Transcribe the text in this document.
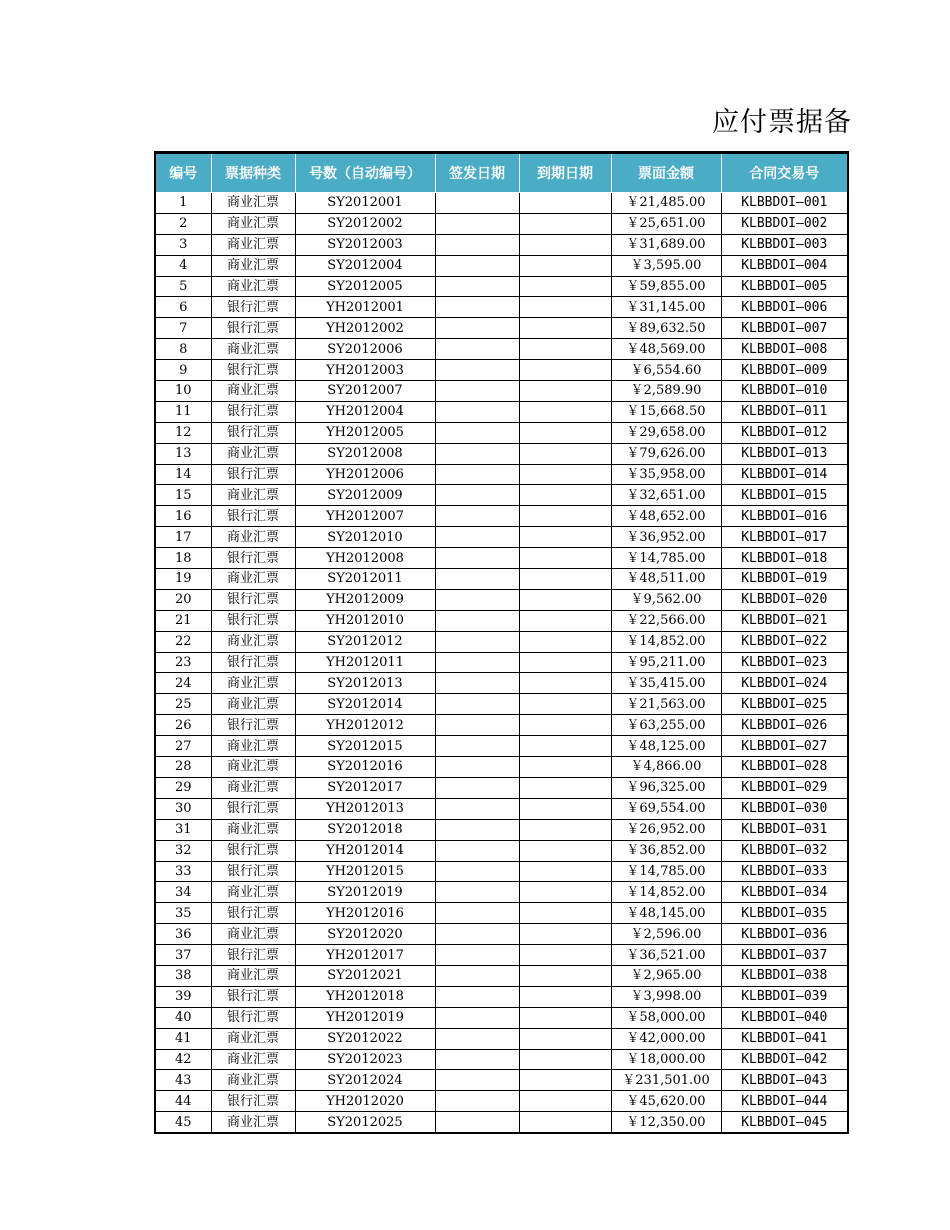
应付票据备
编号	票据种类	号数（自动编号）	签发日期	到期日期	票面金额	合同交易号
1	商业汇票	SY2012001			￥21,485.00	KLBBDOI—001
2	商业汇票	SY2012002			￥25,651.00	KLBBDOI—002
3	商业汇票	SY2012003			￥31,689.00	KLBBDOI—003
4	商业汇票	SY2012004			￥3,595.00	KLBBDOI—004
5	商业汇票	SY2012005			￥59,855.00	KLBBDOI—005
6	银行汇票	YH2012001			￥31,145.00	KLBBDOI—006
7	银行汇票	YH2012002			￥89,632.50	KLBBDOI—007
8	商业汇票	SY2012006			￥48,569.00	KLBBDOI—008
9	银行汇票	YH2012003			￥6,554.60	KLBBDOI—009
10	商业汇票	SY2012007			￥2,589.90	KLBBDOI—010
11	银行汇票	YH2012004			￥15,668.50	KLBBDOI—011
12	银行汇票	YH2012005			￥29,658.00	KLBBDOI—012
13	商业汇票	SY2012008			￥79,626.00	KLBBDOI—013
14	银行汇票	YH2012006			￥35,958.00	KLBBDOI—014
15	商业汇票	SY2012009			￥32,651.00	KLBBDOI—015
16	银行汇票	YH2012007			￥48,652.00	KLBBDOI—016
17	商业汇票	SY2012010			￥36,952.00	KLBBDOI—017
18	银行汇票	YH2012008			￥14,785.00	KLBBDOI—018
19	商业汇票	SY2012011			￥48,511.00	KLBBDOI—019
20	银行汇票	YH2012009			￥9,562.00	KLBBDOI—020
21	银行汇票	YH2012010			￥22,566.00	KLBBDOI—021
22	商业汇票	SY2012012			￥14,852.00	KLBBDOI—022
23	银行汇票	YH2012011			￥95,211.00	KLBBDOI—023
24	商业汇票	SY2012013			￥35,415.00	KLBBDOI—024
25	商业汇票	SY2012014			￥21,563.00	KLBBDOI—025
26	银行汇票	YH2012012			￥63,255.00	KLBBDOI—026
27	商业汇票	SY2012015			￥48,125.00	KLBBDOI—027
28	商业汇票	SY2012016			￥4,866.00	KLBBDOI—028
29	商业汇票	SY2012017			￥96,325.00	KLBBDOI—029
30	银行汇票	YH2012013			￥69,554.00	KLBBDOI—030
31	商业汇票	SY2012018			￥26,952.00	KLBBDOI—031
32	银行汇票	YH2012014			￥36,852.00	KLBBDOI—032
33	银行汇票	YH2012015			￥14,785.00	KLBBDOI—033
34	商业汇票	SY2012019			￥14,852.00	KLBBDOI—034
35	银行汇票	YH2012016			￥48,145.00	KLBBDOI—035
36	商业汇票	SY2012020			￥2,596.00	KLBBDOI—036
37	银行汇票	YH2012017			￥36,521.00	KLBBDOI—037
38	商业汇票	SY2012021			￥2,965.00	KLBBDOI—038
39	银行汇票	YH2012018			￥3,998.00	KLBBDOI—039
40	银行汇票	YH2012019			￥58,000.00	KLBBDOI—040
41	商业汇票	SY2012022			￥42,000.00	KLBBDOI—041
42	商业汇票	SY2012023			￥18,000.00	KLBBDOI—042
43	商业汇票	SY2012024			￥231,501.00	KLBBDOI—043
44	银行汇票	YH2012020			￥45,620.00	KLBBDOI—044
45	商业汇票	SY2012025			￥12,350.00	KLBBDOI—045
